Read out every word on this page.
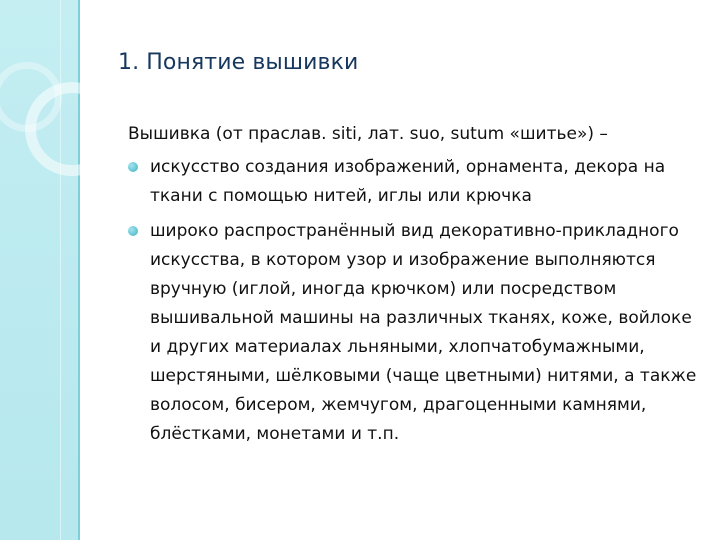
1. Понятие вышивки

Вышивка (от праслав. siti, лат. suo, sutum «шитье») –

искусство создания изображений, орнамента, декора на ткани с помощью нитей, иглы или крючка
широко распространённый вид декоративно-прикладного искусства, в котором узор и изображение выполняются вручную (иглой, иногда крючком) или посредством вышивальной машины на различных тканях, коже, войлоке и других материалах льняными, хлопчатобумажными, шерстяными, шёлковыми (чаще цветными) нитями, а также волосом, бисером, жемчугом, драгоценными камнями, блёстками, монетами и т.п.
